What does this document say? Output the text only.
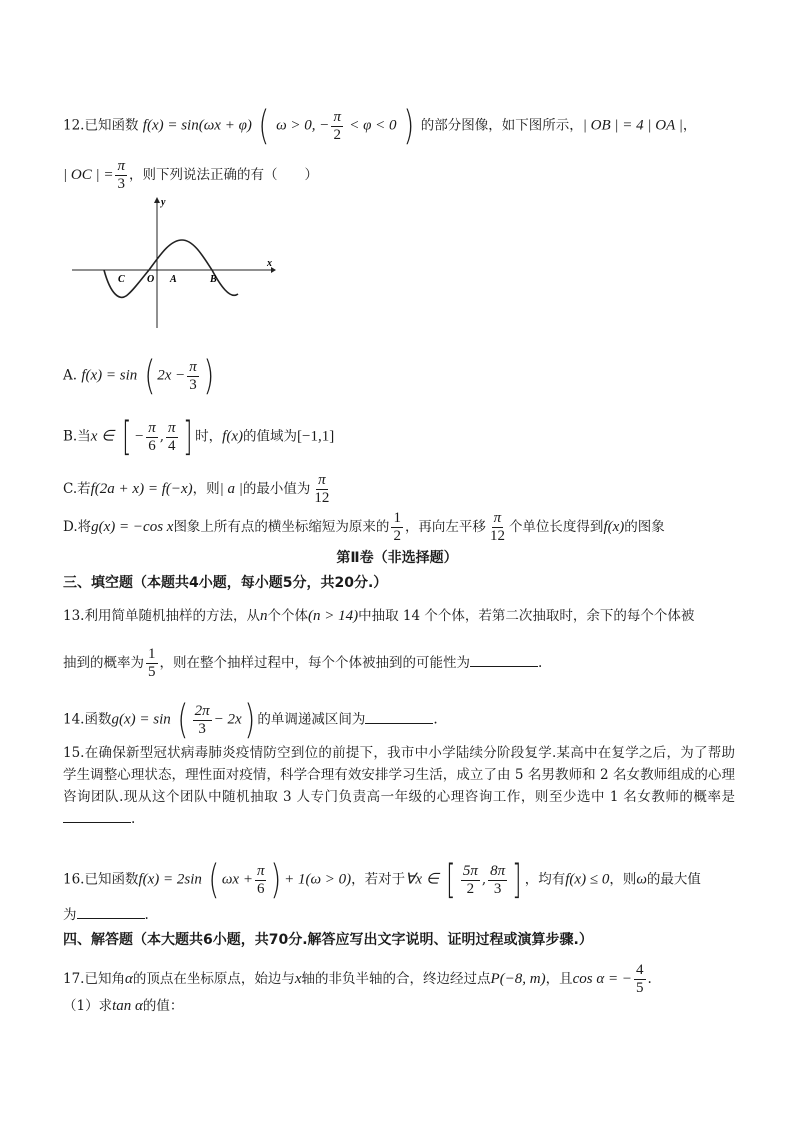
12.已知函数 f(x) = sin(ωx + φ) ( ω > 0, − $\frac{\pi}{2} < \varphi < 0$ ) 的部分图像，如下图所示，| OB | = 4 | OA |，
| OC | = $\frac{\pi}{3}$ ，则下列说法正确的有（　　）
y
x
C O A	B
A. f(x) = sin ( $2x - \frac{\pi}{3}$ )
B.当x ∈ [ − $\frac{\pi}{6}$ , $\frac{\pi}{4}$ ] 时，f(x)的值域为[−1,1]
C.若f(2a + x) = f(−x)，则| a |的最小值为 $\frac{\pi}{12}$
D.将g(x) = −cos x图象上所有点的横坐标缩短为原来的 $\frac{1}{2}$ ，再向左平移 $\frac{\pi}{12}$ 个单位长度得到f(x)的图象
第Ⅱ卷（非选择题）
三、填空题（本题共4小题，每小题5分，共20分.）
13.利用简单随机抽样的方法，从n个个体(n > 14)中抽取 14 个个体，若第二次抽取时，余下的每个个体被
抽到的概率为 $\frac{1}{5}$ ，则在整个抽样过程中，每个个体被抽到的可能性为	.
14.函数g(x) = sin ( $\frac{2\pi}{3} - 2x$) 的单调递减区间为	.
15.在确保新型冠状病毒肺炎疫情防空到位的前提下，我市中小学陆续分阶段复学.某高中在复学之后，为了帮助学生调整心理状态，理性面对疫情，科学合理有效安排学习生活，成立了由 5 名男教师和 2 名女教师组成的心理咨询团队.现从这个团队中随机抽取 3 人专门负责高一年级的心理咨询工作，则至少选中 1 名女教师的概率是.
16.已知函数f(x) = 2sin ( $\omega x + \frac{\pi}{6}$ ) + 1(ω > 0)，若对于∀x ∈ [ $\frac{5\pi}{2}$ , $\frac{8\pi}{3}$ ] ，均有f(x) ≤ 0，则ω的最大值
为	.
四、解答题（本大题共6小题，共70分.解答应写出文字说明、证明过程或演算步骤.）
17.已知角α的顶点在坐标原点，始边与x轴的非负半轴的合，终边经过点P(−8, m)，且cos α = − $\frac{4}{5}$ .
（1）求tan α的值：
